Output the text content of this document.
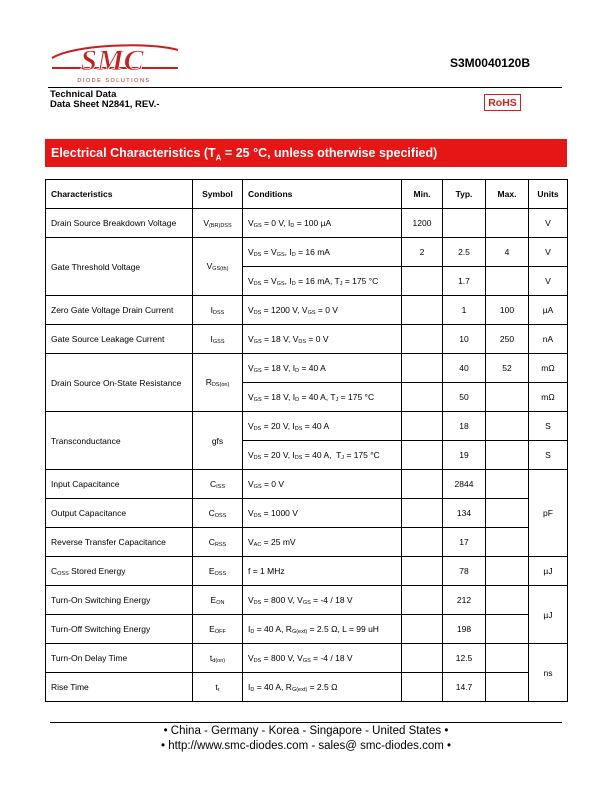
SMC
DIODE SOLUTIONS
S3M0040120B
Technical Data
Data Sheet N2841, REV.-	RoHS
Electrical Characteristics ($T_A = 25$ °C, unless otherwise specified)
Characteristics	Symbol	Conditions	Min.	Typ.	Max.	Units
Drain Source Breakdown Voltage	$V_{(BR)DSS}$	$V_{GS} = 0$ V, $I_D = 100$ µA	1200			V
Gate Threshold Voltage	$V_{GS(th)}$	$V_{DS} = V_{GS}$, $I_D = 16$ mA	2	2.5	4	V
		$V_{DS} = V_{GS}$, $I_D = 16$ mA, $T_J = 175$ °C		1.7		V
Zero Gate Voltage Drain Current	$I_{DSS}$	$V_{DS} = 1200$ V, $V_{GS} = 0$ V		1	100	µA
Gate Source Leakage Current	$I_{GSS}$	$V_{GS} = 18$ V, $V_{DS} = 0$ V		10	250	nA
Drain Source On-State Resistance	$R_{DS(on)}$	$V_{GS} = 18$ V, $I_D = 40$ A		40	52	mΩ
		$V_{GS} = 18$ V, $I_D = 40$ A, $T_J = 175$ °C		50		mΩ
Transconductance	gfs	$V_{DS} = 20$ V, $I_{DS} = 40$ A		18		S
		$V_{DS} = 20$ V, $I_{DS} = 40$ A,  $T_J = 175$ °C		19		S
Input Capacitance	$C_{ISS}$	$V_{GS} = 0$ V		2844		pF
Output Capacitance	$C_{OSS}$	$V_{DS} = 1000$ V		134		
Reverse Transfer Capacitance	$C_{RSS}$	$V_{AC} = 25$ mV		17		
$C_{OSS}$ Stored Energy	$E_{OSS}$	f = 1 MHz		78		µJ
Turn-On Switching Energy	$E_{ON}$	$V_{DS} = 800$ V, $V_{GS} = -4 / 18$ V		212		µJ
Turn-Off Switching Energy	$E_{OFF}$	$I_D = 40$ A, $R_{G(ext)} = 2.5$ Ω, L = 99 uH		198		
Turn-On Delay Time	$t_{d(on)}$	$V_{DS} = 800$ V, $V_{GS} = -4 / 18$ V		12.5		ns
Rise Time	$t_r$	$I_D = 40$ A, $R_{G(ext)} = 2.5$ Ω		14.7		
• China - Germany - Korea - Singapore - United States •
• http://www.smc-diodes.com - sales@ smc-diodes.com •
